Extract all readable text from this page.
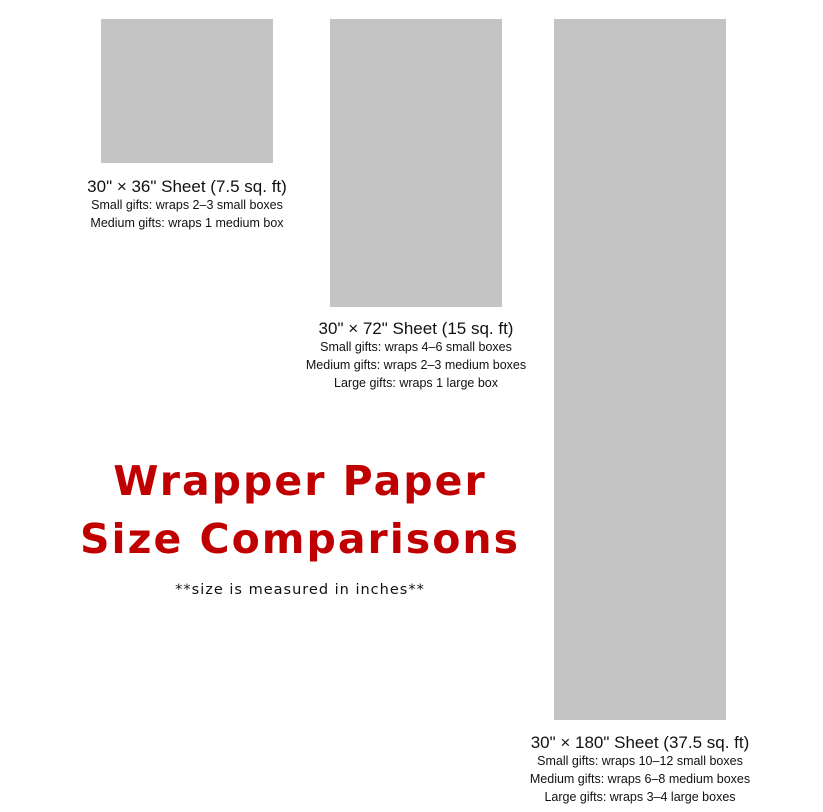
30" × 36" Sheet (7.5 sq. ft)
Small gifts: wraps 2–3 small boxes
Medium gifts: wraps 1 medium box
30" × 72" Sheet (15 sq. ft)
Small gifts: wraps 4–6 small boxes
Medium gifts: wraps 2–3 medium boxes
Large gifts: wraps 1 large box
30" × 180" Sheet (37.5 sq. ft)
Small gifts: wraps 10–12 small boxes
Medium gifts: wraps 6–8 medium boxes
Large gifts: wraps 3–4 large boxes
Wrapper Paper
Size Comparisons
**size is measured in inches**
